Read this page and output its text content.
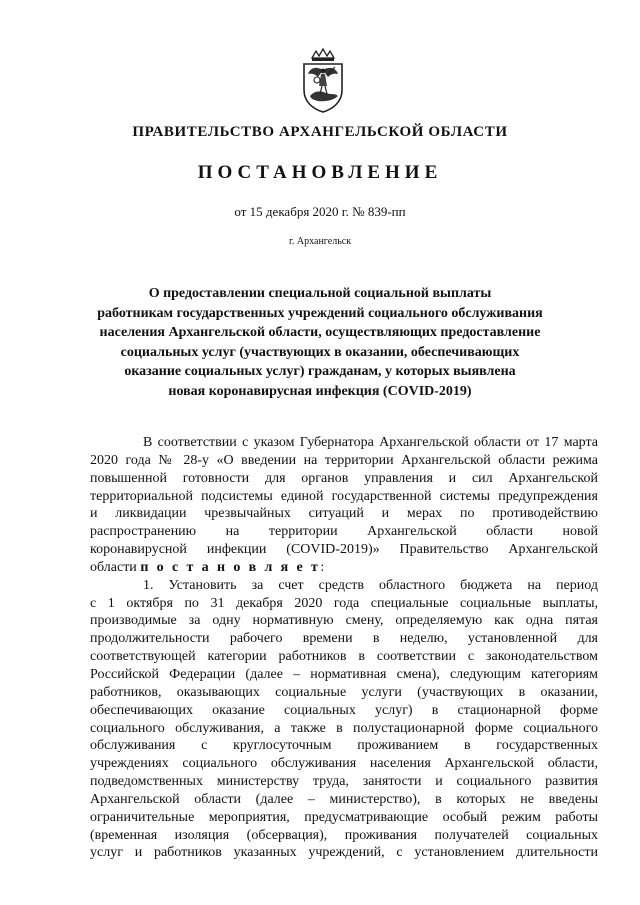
ПРАВИТЕЛЬСТВО АРХАНГЕЛЬСКОЙ ОБЛАСТИ
ПОСТАНОВЛЕНИЕ
от 15 декабря 2020 г. № 839-пп
г. Архангельск
О предоставлении специальной социальной выплаты
работникам государственных учреждений социального обслуживания
населения Архангельской области, осуществляющих предоставление
социальных услуг (участвующих в оказании, обеспечивающих
оказание социальных услуг) гражданам, у которых выявлена
новая коронавирусная инфекция (COVID-2019)
В соответствии с указом Губернатора Архангельской области от 17 марта
2020 года № 28-у «О введении на территории Архангельской области режима
повышенной готовности для органов управления и сил Архангельской
территориальной подсистемы единой государственной системы предупреждения
и ликвидации чрезвычайных ситуаций и мерах по противодействию
распространению на территории Архангельской области новой
коронавирусной инфекции (COVID-2019)» Правительство Архангельской
области п о с т а н о в л я е т:
1. Установить за счет средств областного бюджета на период
с 1 октября по 31 декабря 2020 года специальные социальные выплаты,
производимые за одну нормативную смену, определяемую как одна пятая
продолжительности рабочего времени в неделю, установленной для
соответствующей категории работников в соответствии с законодательством
Российской Федерации (далее – нормативная смена), следующим категориям
работников, оказывающих социальные услуги (участвующих в оказании,
обеспечивающих оказание социальных услуг) в стационарной форме
социального обслуживания, а также в полустационарной форме социального
обслуживания с круглосуточным проживанием в государственных
учреждениях социального обслуживания населения Архангельской области,
подведомственных министерству труда, занятости и социального развития
Архангельской области (далее – министерство), в которых не введены
ограничительные мероприятия, предусматривающие особый режим работы
(временная изоляция (обсервация), проживания получателей социальных
услуг и работников указанных учреждений, с установлением длительности
